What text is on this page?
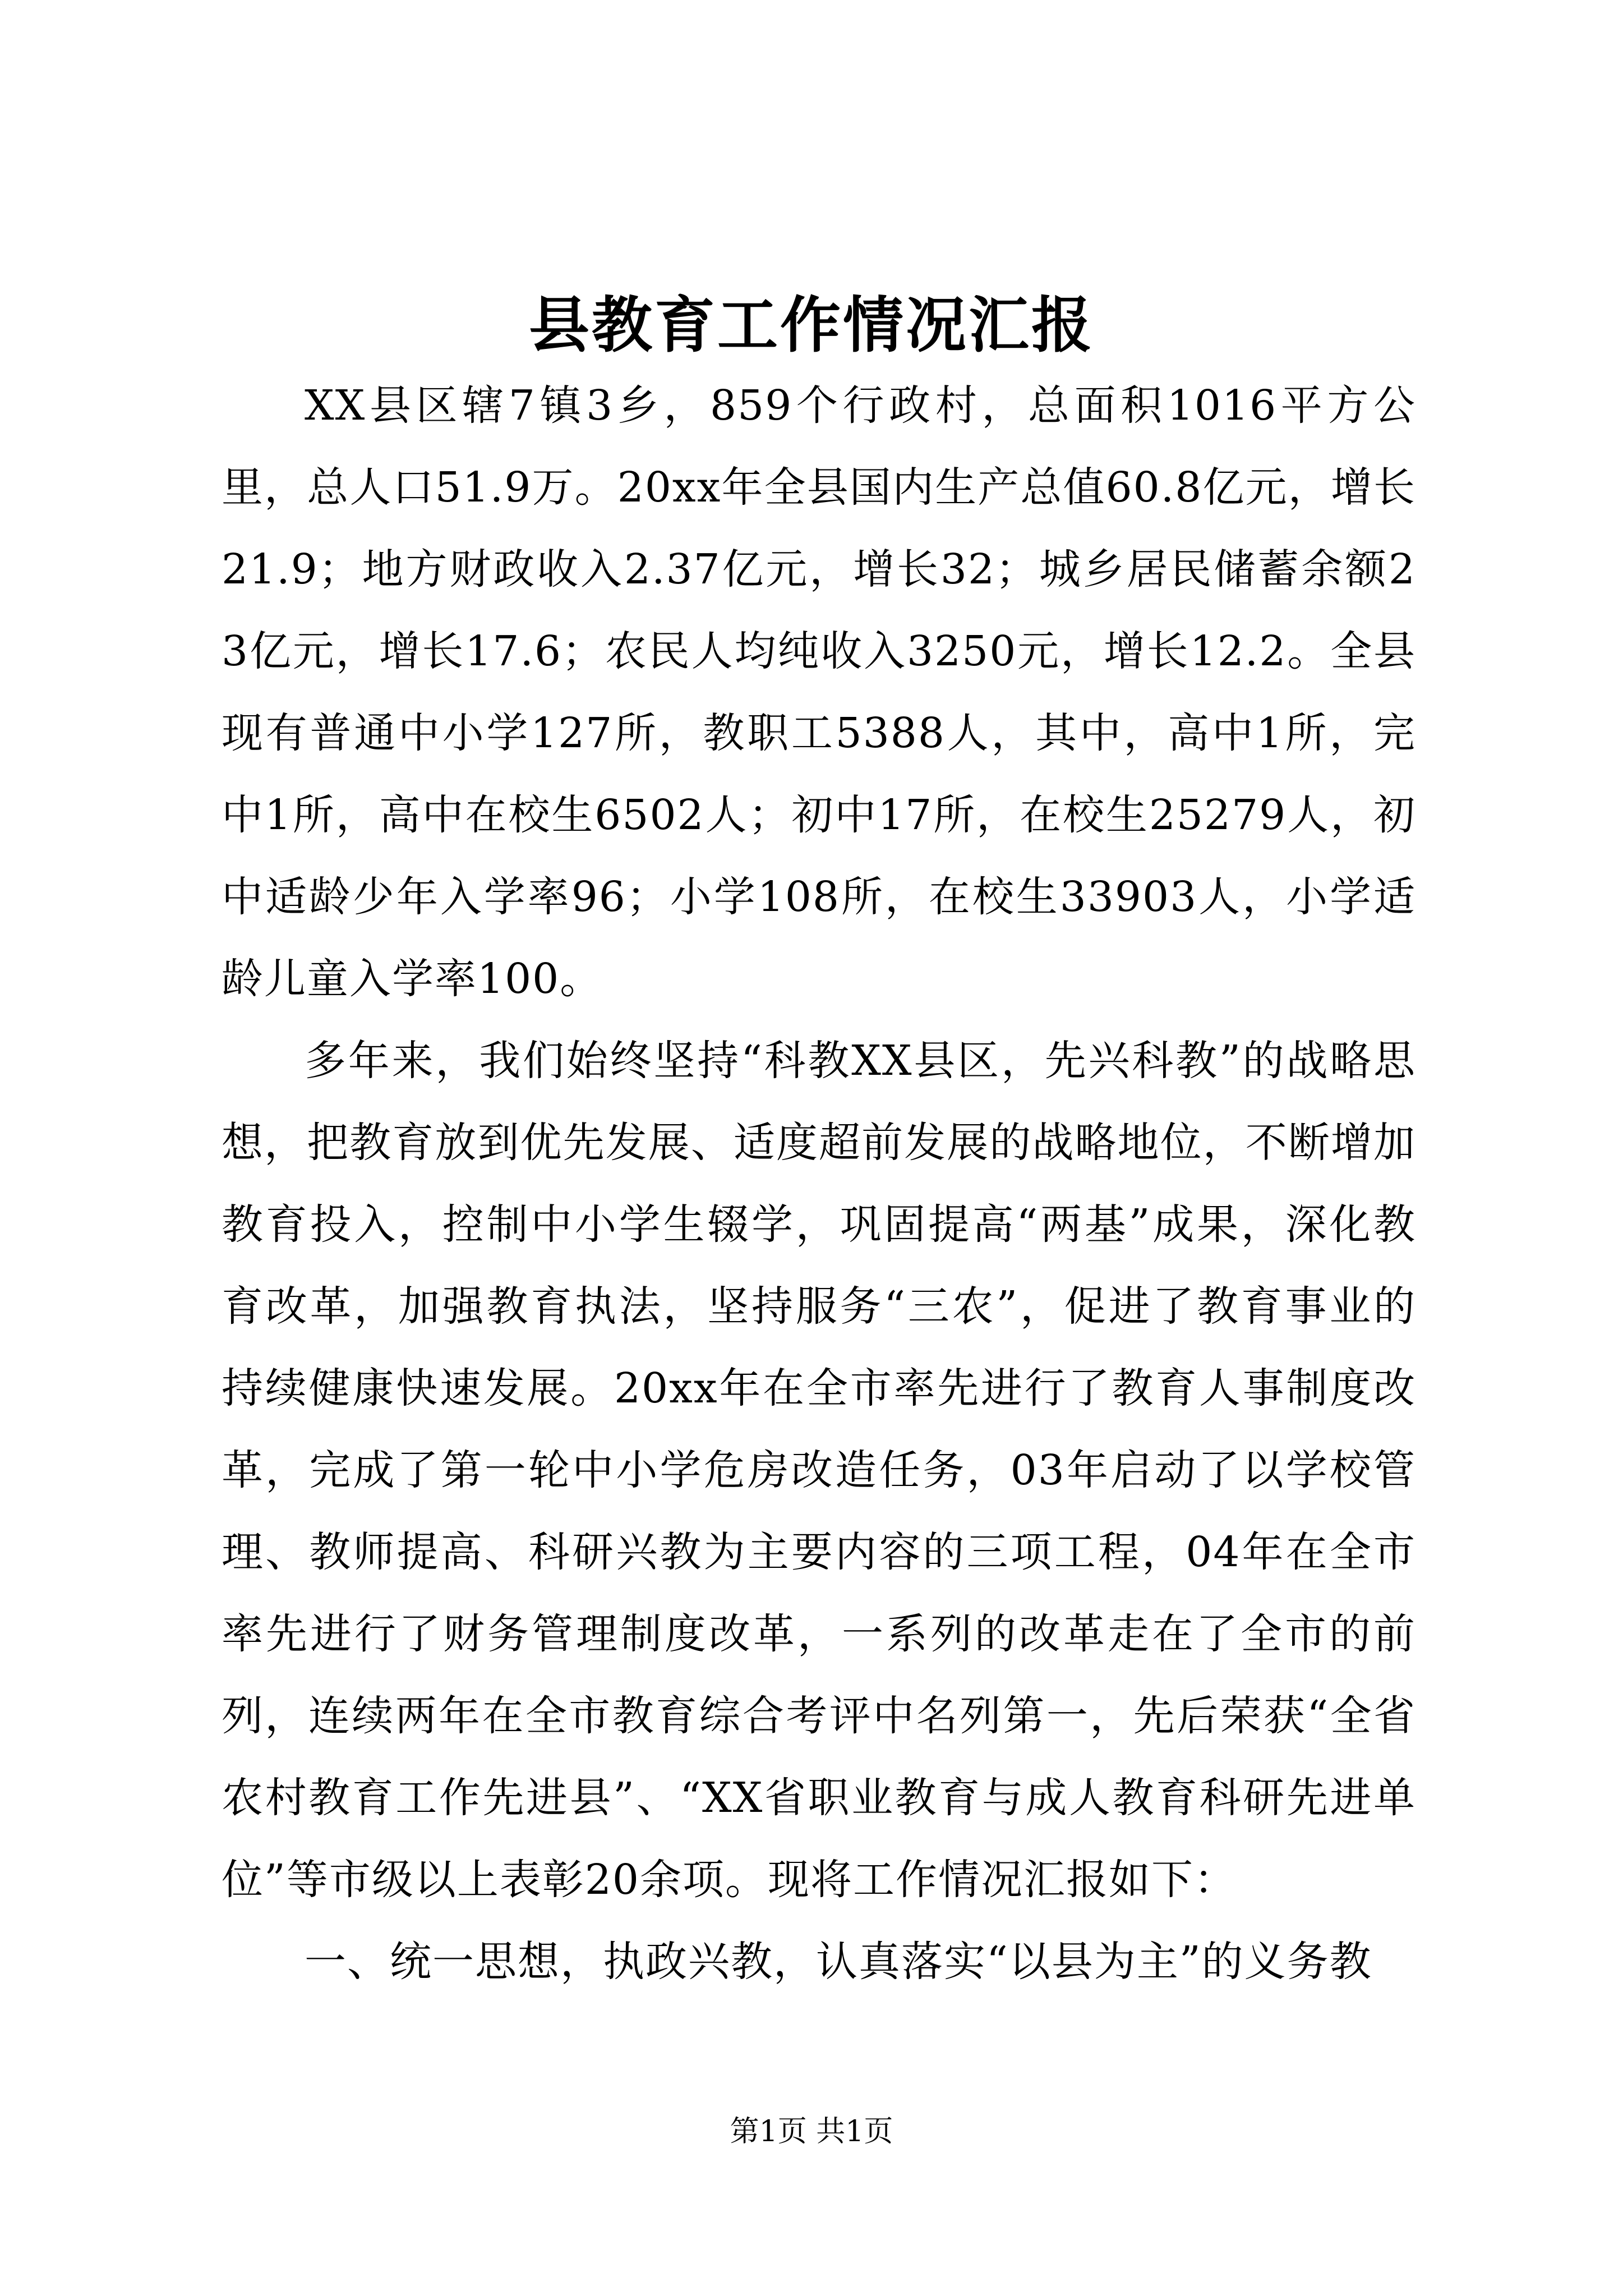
县教育工作情况汇报

XX县区辖7镇3乡，859个行政村，总面积1016平方公里，总人口51.9万。20xx年全县国内生产总值60.8亿元，增长21.9；地方财政收入2.37亿元，增长32；城乡居民储蓄余额23亿元，增长17.6；农民人均纯收入3250元，增长12.2。全县现有普通中小学127所，教职工5388人，其中，高中1所，完中1所，高中在校生6502人；初中17所，在校生25279人，初中适龄少年入学率96；小学108所，在校生33903人，小学适龄儿童入学率100。

多年来，我们始终坚持“科教XX县区，先兴科教”的战略思想，把教育放到优先发展、适度超前发展的战略地位，不断增加教育投入，控制中小学生辍学，巩固提高“两基”成果，深化教育改革，加强教育执法，坚持服务“三农”，促进了教育事业的持续健康快速发展。20xx年在全市率先进行了教育人事制度改革，完成了第一轮中小学危房改造任务，03年启动了以学校管理、教师提高、科研兴教为主要内容的三项工程，04年在全市率先进行了财务管理制度改革，一系列的改革走在了全市的前列，连续两年在全市教育综合考评中名列第一，先后荣获“全省农村教育工作先进县”、“XX省职业教育与成人教育科研先进单位”等市级以上表彰20余项。现将工作情况汇报如下：

一、统一思想，执政兴教，认真落实“以县为主”的义务教

第1页 共1页
